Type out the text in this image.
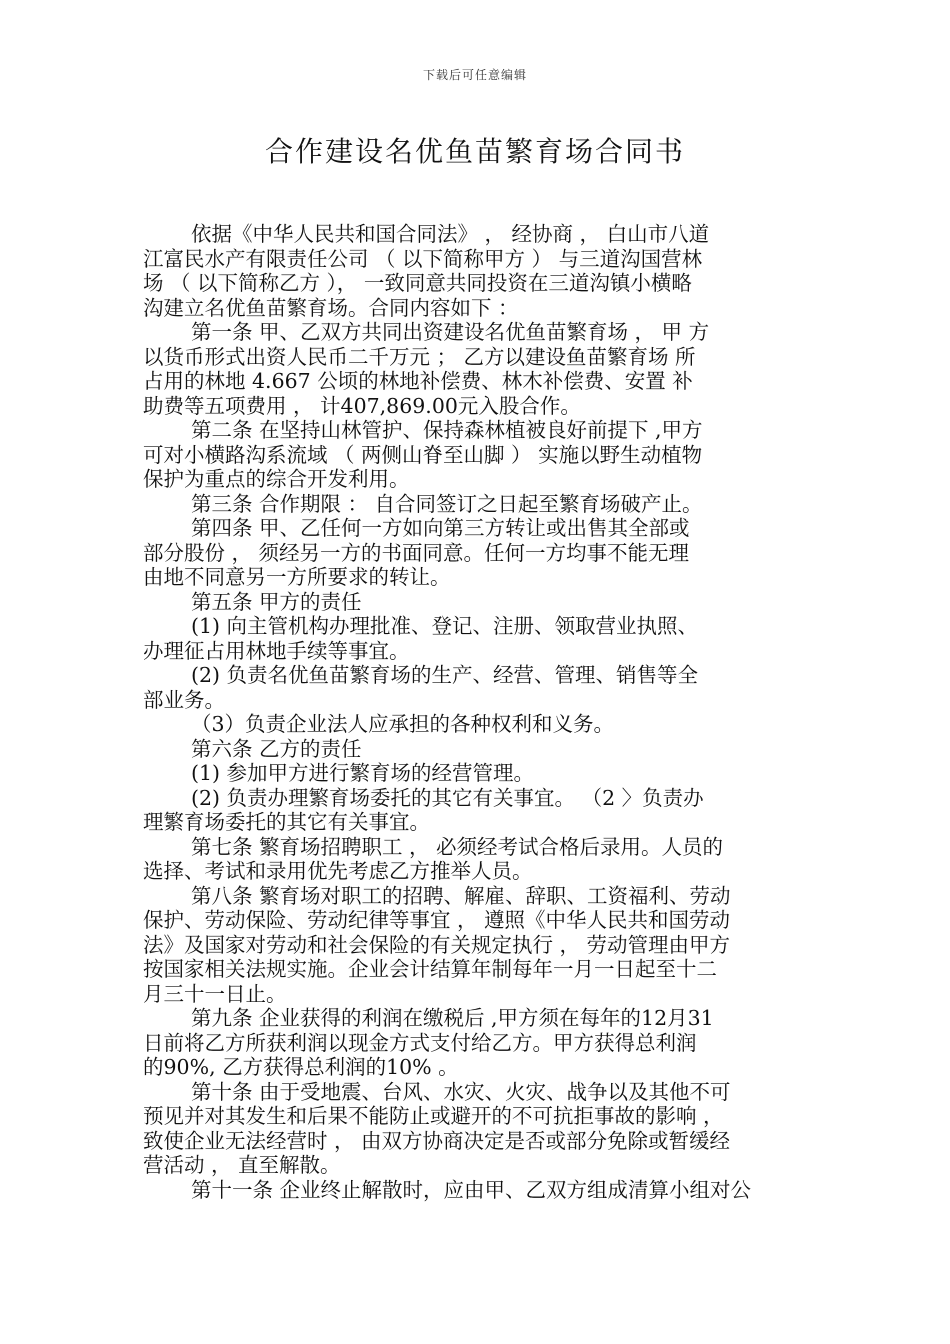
下载后可任意编辑
合作建设名优鱼苗繁育场合同书
依据《中华人民共和国合同法》 ， 经协商 ， 白山市八道
江富民水产有限责任公司 （ 以下简称甲方 ） 与三道沟国营林
场 （ 以下简称乙方 ）， 一致同意共同投资在三道沟镇小横略
沟建立名优鱼苗繁育场。合同内容如下 ：
第一条 甲、乙双方共同出资建设名优鱼苗繁育场 ， 甲 方
以货币形式出资人民币二千万元 ； 乙方以建设鱼苗繁育场 所
占用的林地 4.667 公顷的林地补偿费、林木补偿费、安置 补
助费等五项费用 ， 计407,869.00元入股合作。
第二条 在坚持山林管护、保持森林植被良好前提下 ,甲方
可对小横路沟系流域 （ 两侧山脊至山脚 ） 实施以野生动植物
保护为重点的综合开发利用。
第三条 合作期限 ： 自合同签订之日起至繁育场破产止。
第四条 甲、乙任何一方如向第三方转让或出售其全部或
部分股份 ， 须经另一方的书面同意。任何一方均事不能无理
由地不同意另一方所要求的转让。
第五条 甲方的责任
(1) 向主管机构办理批准、登记、注册、领取营业执照、
办理征占用林地手续等事宜。
(2) 负责名优鱼苗繁育场的生产、经营、管理、销售等全
部业务。
（3）负责企业法人应承担的各种权利和义务。
第六条 乙方的责任
(1) 参加甲方进行繁育场的经营管理。
(2) 负责办理繁育场委托的其它有关事宜。 （2 〉负责办
理繁育场委托的其它有关事宜。
第七条 繁育场招聘职工 ， 必须经考试合格后录用。人员的
选择、考试和录用优先考虑乙方推举人员。
第八条 繁育场对职工的招聘、解雇、辞职、工资福利、劳动
保护、劳动保险、劳动纪律等事宜 ， 遵照《中华人民共和国劳动
法》及国家对劳动和社会保险的有关规定执行 ， 劳动管理由甲方
按国家相关法规实施。企业会计结算年制每年一月一日起至十二
月三十一日止。
第九条 企业获得的利润在缴税后 ,甲方须在每年的12月31
日前将乙方所获利润以现金方式支付给乙方。甲方获得总利润
的90%, 乙方获得总利润的10% 。
第十条 由于受地震、台风、水灾、火灾、战争以及其他不可
预见并对其发生和后果不能防止或避开的不可抗拒事故的影响 ，
致使企业无法经营时 ， 由双方协商决定是否或部分免除或暂缓经
营活动 ， 直至解散。
第十一条 企业终止解散时，应由甲、乙双方组成清算小组对公
